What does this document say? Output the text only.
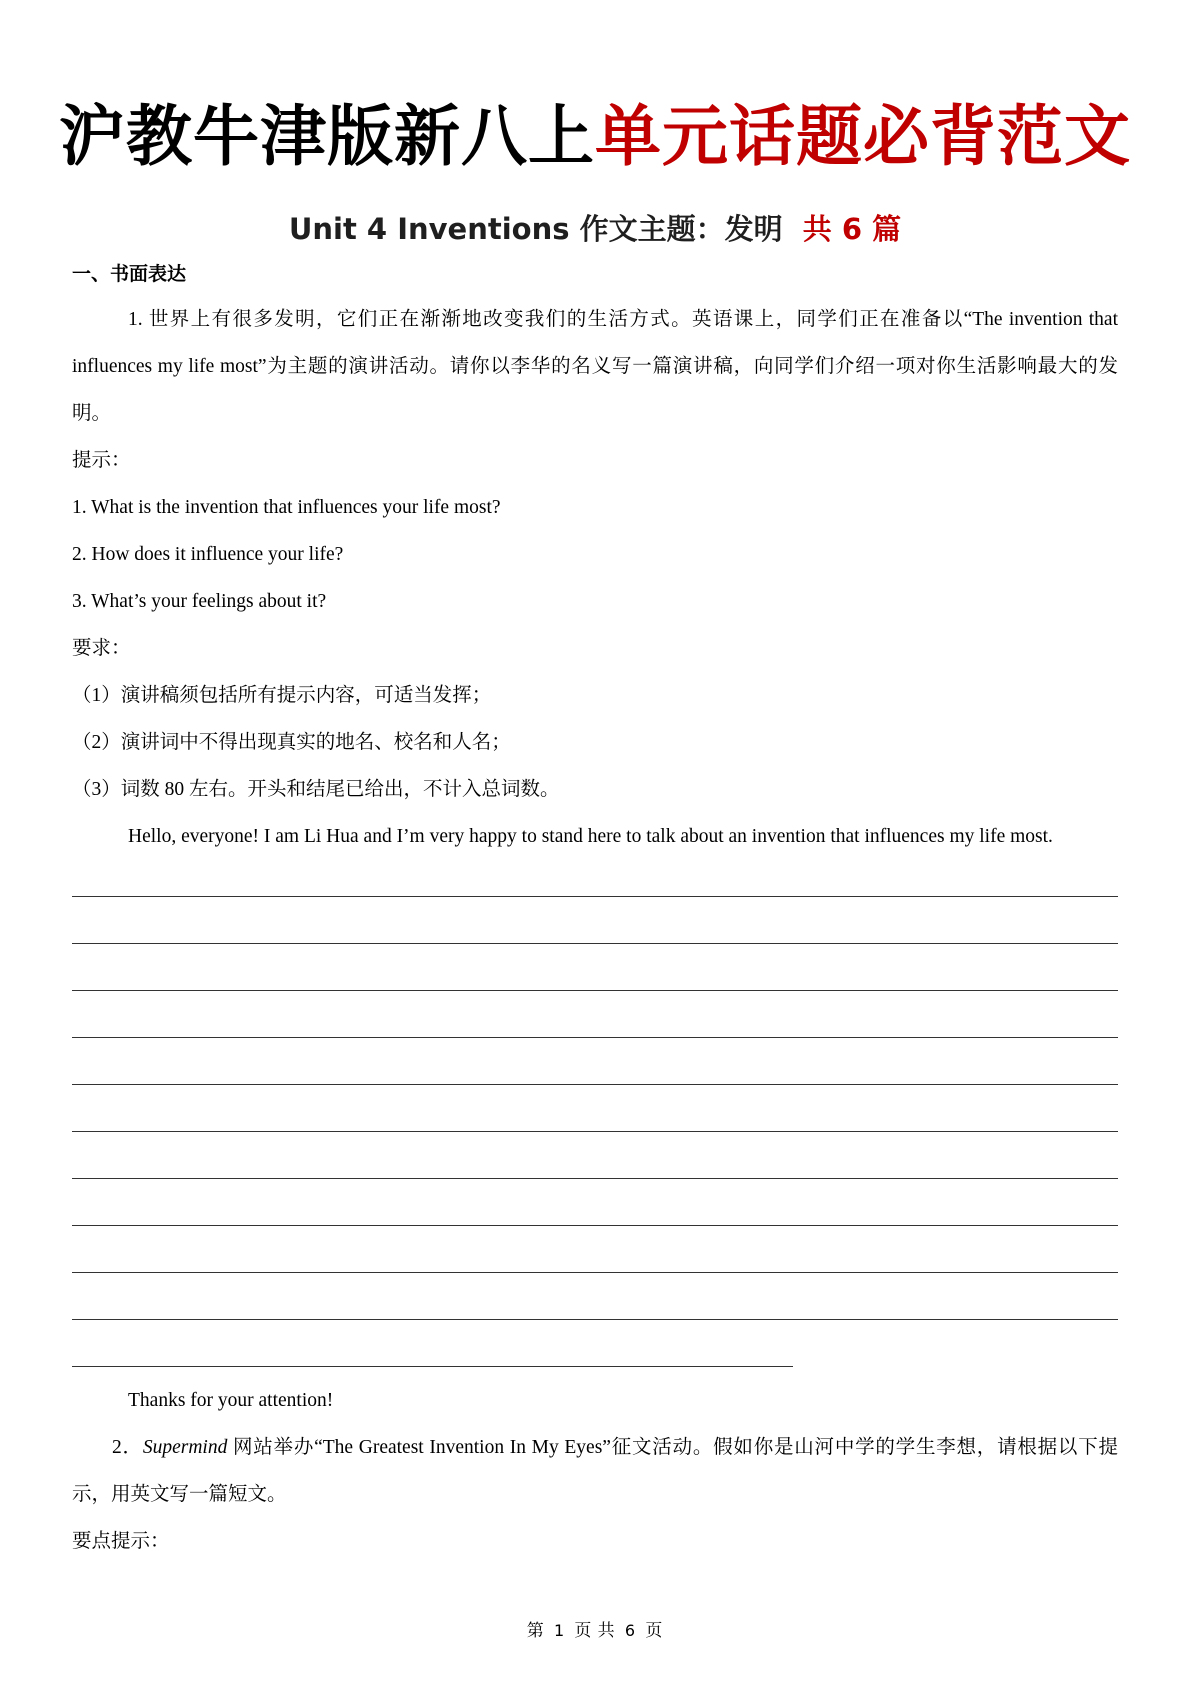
沪教牛津版新八上单元话题必背范文
Unit 4 Inventions 作文主题：发明 共 6 篇

一、书面表达

1. 世界上有很多发明，它们正在渐渐地改变我们的生活方式。英语课上，同学们正在准备以“The invention that influences my life most”为主题的演讲活动。请你以李华的名义写一篇演讲稿，向同学们介绍一项对你生活影响最大的发明。

提示：

1. What is the invention that influences your life most?

2. How does it influence your life?

3. What’s your feelings about it?

要求：

（1）演讲稿须包括所有提示内容，可适当发挥；

（2）演讲词中不得出现真实的地名、校名和人名；

（3）词数 80 左右。开头和结尾已给出，不计入总词数。

Hello, everyone! I am Li Hua and I’m very happy to stand here to talk about an invention that influences my life most.

Thanks for your attention!

2．Supermind 网站举办“The Greatest Invention In My Eyes”征文活动。假如你是山河中学的学生李想，请根据以下提示，用英文写一篇短文。

要点提示：

第 1 页 共 6 页
